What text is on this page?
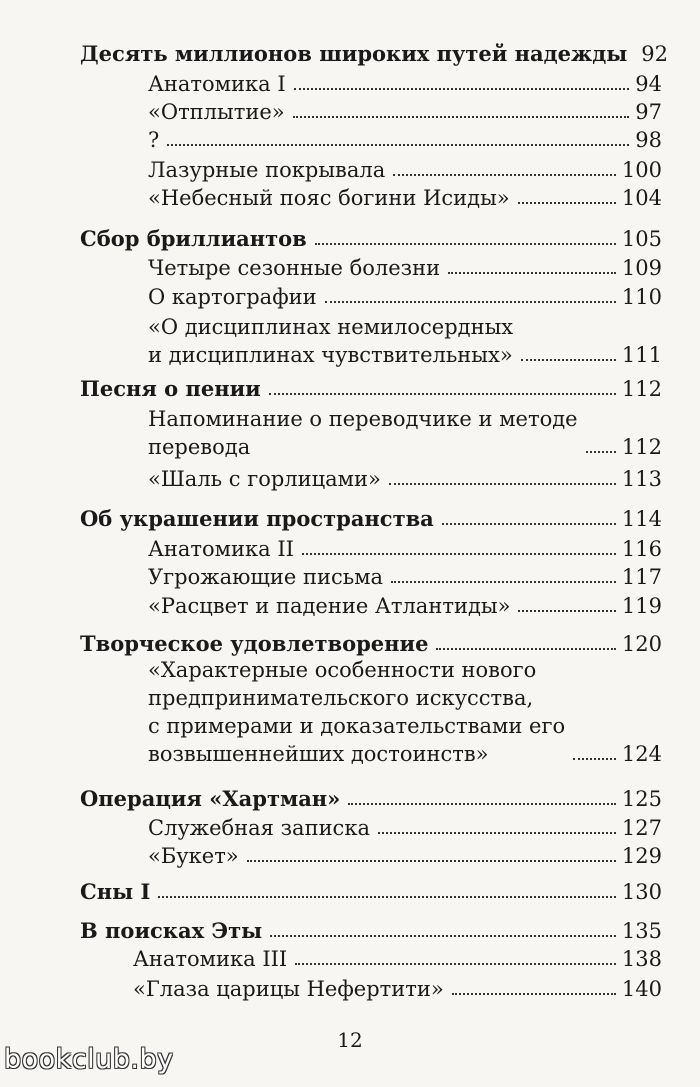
Десять миллионов широких путей надежды 92
Анатомика I	94
«Отплытие»	97
?	98
Лазурные покрывала	100
«Небесный пояс богини Исиды»	104
Сбор бриллиантов	105
Четыре сезонные болезни	109
О картографии	110
«О дисциплинах немилосердных
и дисциплинах чувствительных»	111
Песня о пении	112
Напоминание о переводчике и методе
перевода	112
«Шаль с горлицами»	113
Об украшении пространства	114
Анатомика II	116
Угрожающие письма	117
«Расцвет и падение Атлантиды»	119
Творческое удовлетворение	120
«Характерные особенности нового
предпринимательского искусства,
с примерами и доказательствами его
возвышеннейших достоинств»	124
Операция «Хартман»	125
Служебная записка	127
«Букет»	129
Сны I	130
В поисках Эты	135
Анатомика III	138
«Глаза царицы Нефертити»	140
12
bookclub.by
